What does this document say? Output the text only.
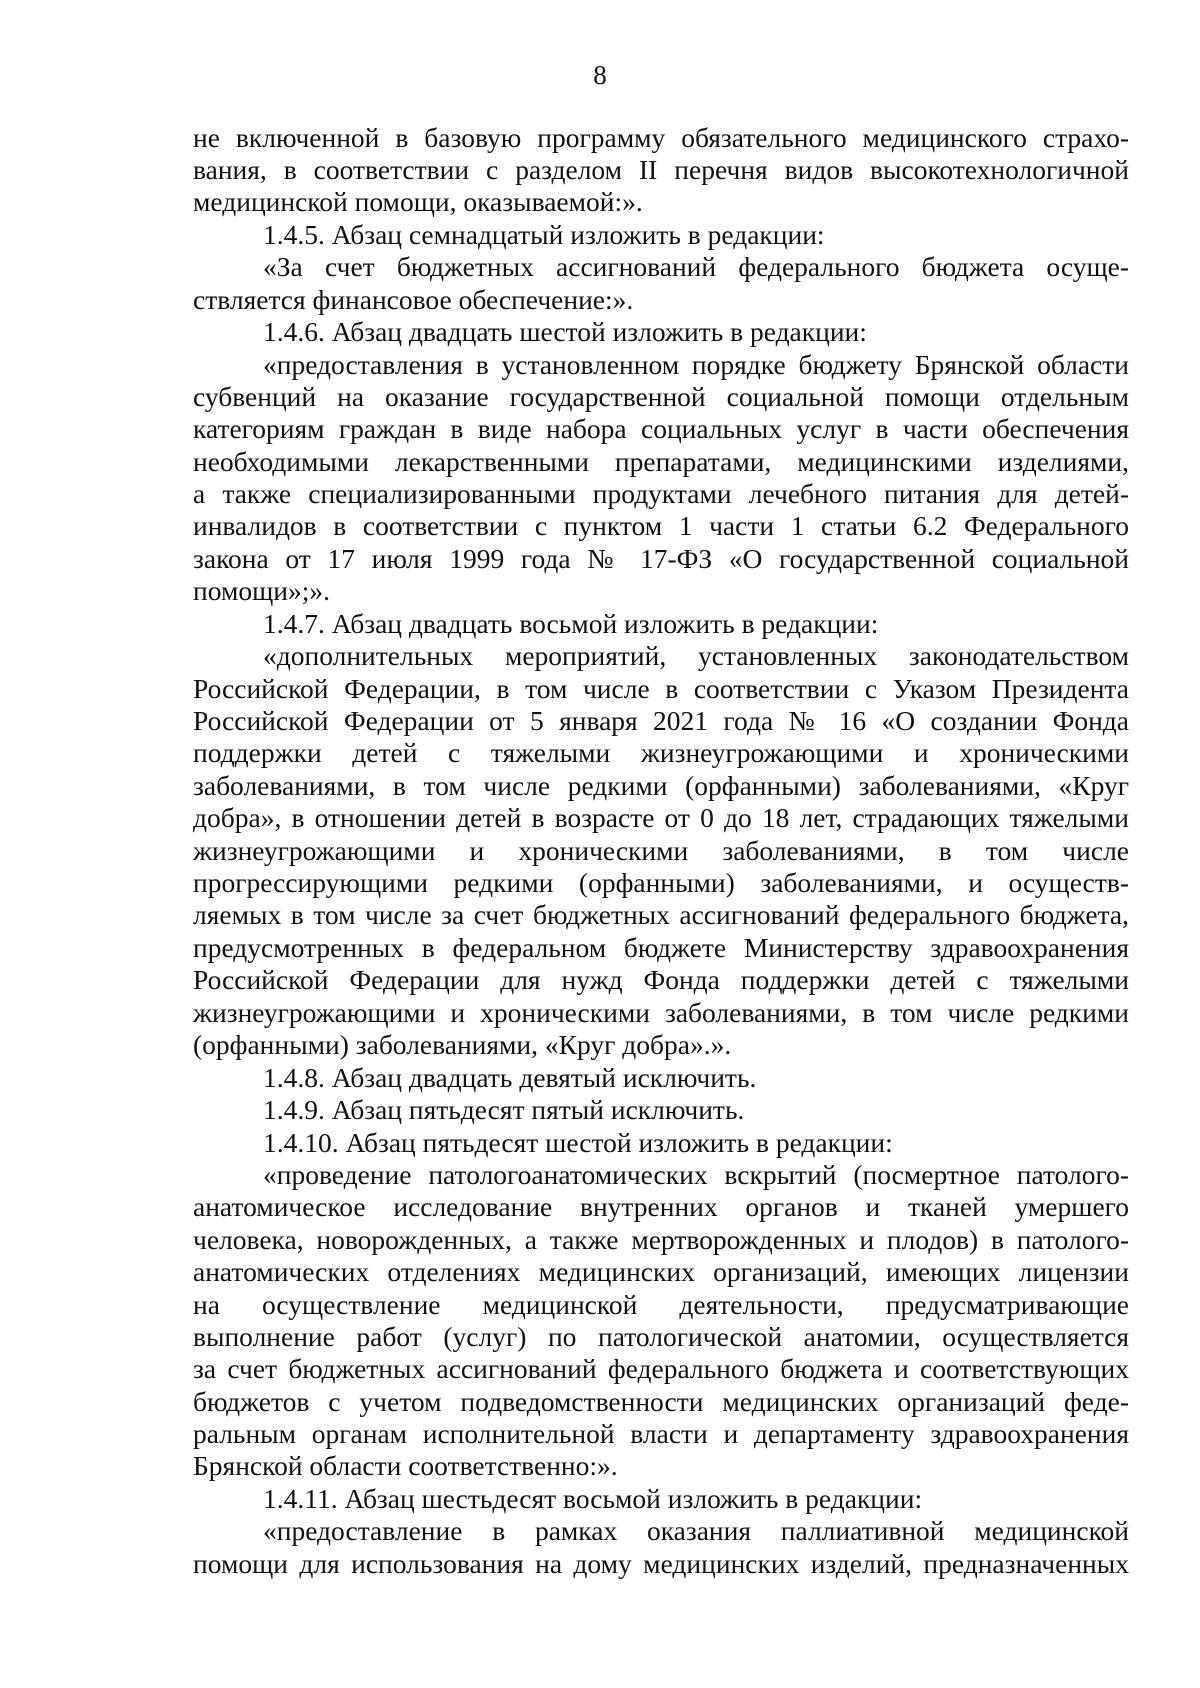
8
не включенной в базовую программу обязательного медицинского страхо-
вания, в соответствии с разделом II перечня видов высокотехнологичной
медицинской помощи, оказываемой:».
1.4.5. Абзац семнадцатый изложить в редакции:
«За счет бюджетных ассигнований федерального бюджета осуще-
ствляется финансовое обеспечение:».
1.4.6. Абзац двадцать шестой изложить в редакции:
«предоставления в установленном порядке бюджету Брянской области
субвенций на оказание государственной социальной помощи отдельным
категориям граждан в виде набора социальных услуг в части обеспечения
необходимыми лекарственными препаратами, медицинскими изделиями,
а также специализированными продуктами лечебного питания для детей-
инвалидов в соответствии с пунктом 1 части 1 статьи 6.2 Федерального
закона от 17 июля 1999 года № 17-ФЗ «О государственной социальной
помощи»;».
1.4.7. Абзац двадцать восьмой изложить в редакции:
«дополнительных мероприятий, установленных законодательством
Российской Федерации, в том числе в соответствии с Указом Президента
Российской Федерации от 5 января 2021 года № 16 «О создании Фонда
поддержки детей с тяжелыми жизнеугрожающими и хроническими
заболеваниями, в том числе редкими (орфанными) заболеваниями, «Круг
добра», в отношении детей в возрасте от 0 до 18 лет, страдающих тяжелыми
жизнеугрожающими и хроническими заболеваниями, в том числе
прогрессирующими редкими (орфанными) заболеваниями, и осуществ-
ляемых в том числе за счет бюджетных ассигнований федерального бюджета,
предусмотренных в федеральном бюджете Министерству здравоохранения
Российской Федерации для нужд Фонда поддержки детей с тяжелыми
жизнеугрожающими и хроническими заболеваниями, в том числе редкими
(орфанными) заболеваниями, «Круг добра».».
1.4.8. Абзац двадцать девятый исключить.
1.4.9. Абзац пятьдесят пятый исключить.
1.4.10. Абзац пятьдесят шестой изложить в редакции:
«проведение патологоанатомических вскрытий (посмертное патолого-
анатомическое исследование внутренних органов и тканей умершего
человека, новорожденных, а также мертворожденных и плодов) в патолого-
анатомических отделениях медицинских организаций, имеющих лицензии
на осуществление медицинской деятельности, предусматривающие
выполнение работ (услуг) по патологической анатомии, осуществляется
за счет бюджетных ассигнований федерального бюджета и соответствующих
бюджетов с учетом подведомственности медицинских организаций феде-
ральным органам исполнительной власти и департаменту здравоохранения
Брянской области соответственно:».
1.4.11. Абзац шестьдесят восьмой изложить в редакции:
«предоставление в рамках оказания паллиативной медицинской
помощи для использования на дому медицинских изделий, предназначенных
